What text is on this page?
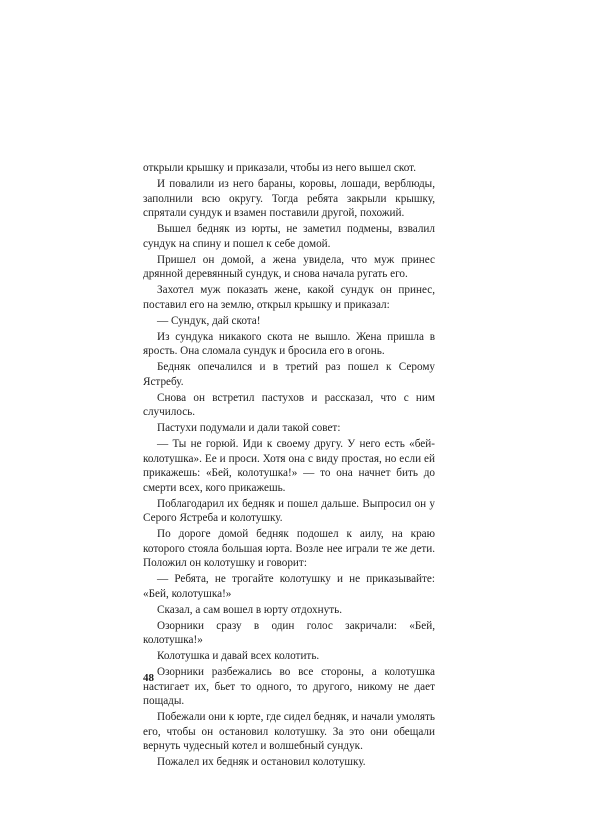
открыли крышку и приказали, чтобы из него вышел скот.

И повалили из него бараны, коровы, лошади, верблюды, заполнили всю округу. Тогда ребята закрыли крышку, спрятали сундук и взамен поставили другой, похожий.

Вышел бедняк из юрты, не заметил подмены, взвалил сундук на спину и пошел к себе домой.

Пришел он домой, а жена увидела, что муж принес дрянной деревянный сундук, и снова начала ругать его.

Захотел муж показать жене, какой сундук он принес, поставил его на землю, открыл крышку и приказал:

— Сундук, дай скота!

Из сундука никакого скота не вышло. Жена пришла в ярость. Она сломала сундук и бросила его в огонь.

Бедняк опечалился и в третий раз пошел к Серому Ястребу.

Снова он встретил пастухов и рассказал, что с ним случилось.

Пастухи подумали и дали такой совет:

— Ты не горюй. Иди к своему другу. У него есть «бей-колотушка». Ее и проси. Хотя она с виду простая, но если ей прикажешь: «Бей, колотушка!» — то она начнет бить до смерти всех, кого прикажешь.

Поблагодарил их бедняк и пошел дальше. Выпросил он у Серого Ястреба и колотушку.

По дороге домой бедняк подошел к аилу, на краю которого стояла большая юрта. Возле нее играли те же дети. Положил он колотушку и говорит:

— Ребята, не трогайте колотушку и не приказывайте: «Бей, колотушка!»

Сказал, а сам вошел в юрту отдохнуть.

Озорники сразу в один голос закричали: «Бей, колотушка!»

Колотушка и давай всех колотить.

Озорники разбежались во все стороны, а колотушка настигает их, бьет то одного, то другого, никому не дает пощады.

Побежали они к юрте, где сидел бедняк, и начали умолять его, чтобы он остановил колотушку. За это они обещали вернуть чудесный котел и волшебный сундук.

Пожалел их бедняк и остановил колотушку.

48
